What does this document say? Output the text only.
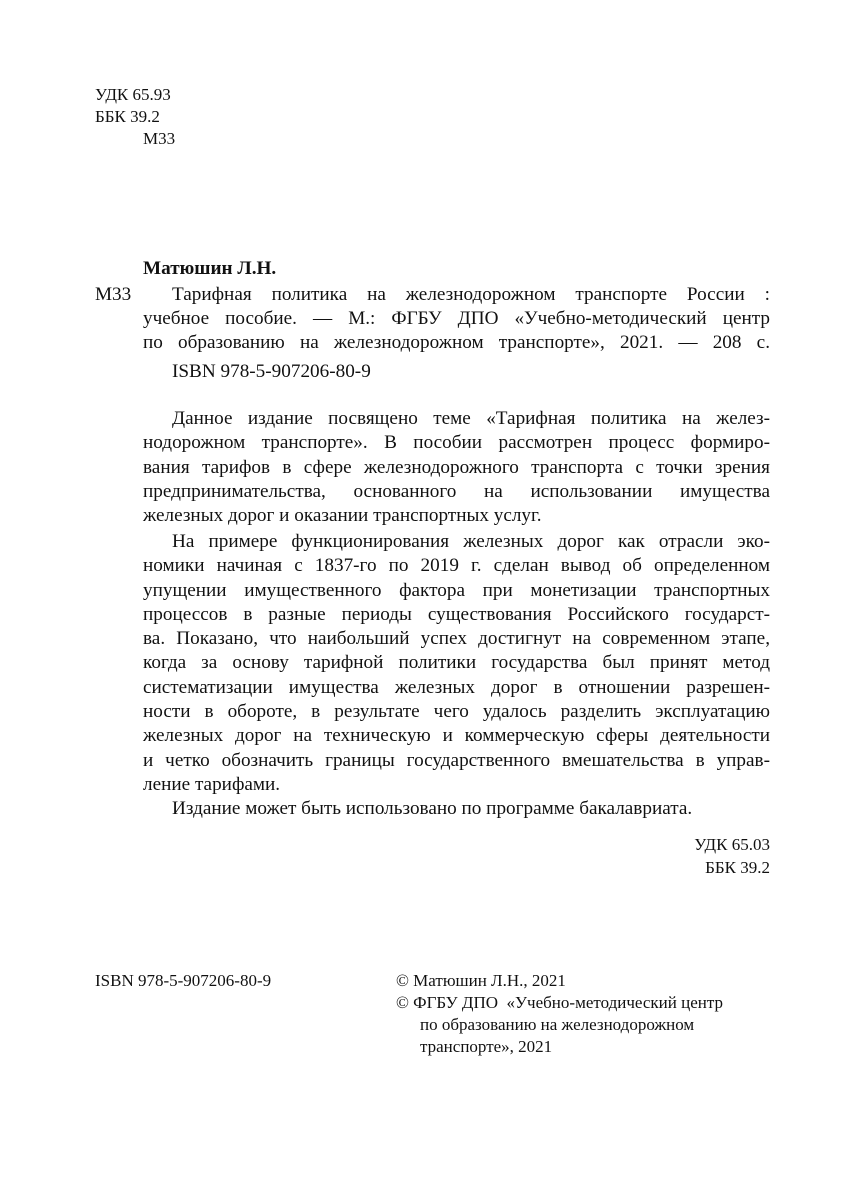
УДК 65.93

ББК 39.2

М33

Матюшин Л.Н.

М33 Тарифная политика на железнодорожном транспорте России :

учебное пособие. — М.: ФГБУ ДПО «Учебно-методический центр

по образованию на железнодорожном транспорте», 2021. — 208 с.

ISBN 978-5-907206-80-9

Данное издание посвящено теме «Тарифная политика на желез-
нодорожном транспорте». В пособии рассмотрен процесс формиро-
вания тарифов в сфере железнодорожного транспорта с точки зрения
предпринимательства, основанного на использовании имущества
железных дорог и оказании транспортных услуг.
На примере функционирования железных дорог как отрасли эко-
номики начиная с 1837-го по 2019 г. сделан вывод об определенном
упущении имущественного фактора при монетизации транспортных
процессов в разные периоды существования Российского государст-
ва. Показано, что наибольший успех достигнут на современном этапе,
когда за основу тарифной политики государства был принят метод
систематизации имущества железных дорог в отношении разрешен-
ности в обороте, в результате чего удалось разделить эксплуатацию
железных дорог на техническую и коммерческую сферы деятельности
и четко обозначить границы государственного вмешательства в управ-
ление тарифами.
Издание может быть использовано по программе бакалавриата.

УДК 65.03

ББК 39.2

ISBN 978-5-907206-80-9	© Матюшин Л.Н., 2021

© ФГБУ ДПО  «Учебно-методический центр

по образованию на железнодорожном

транспорте», 2021
